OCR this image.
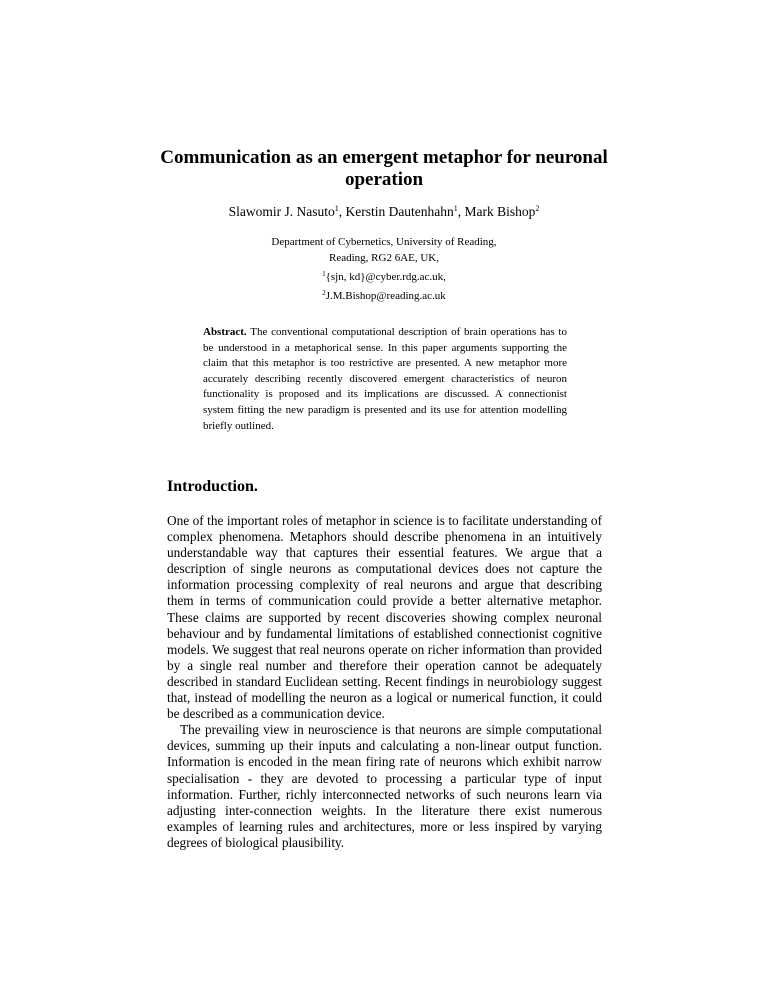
Communication as an emergent metaphor for neuronal operation
Slawomir J. Nasuto$^1$, Kerstin Dautenhahn$^1$, Mark Bishop$^2$
Department of Cybernetics, University of Reading,
Reading, RG2 6AE, UK,
$^1${sjn, kd}@cyber.rdg.ac.uk,
$^2$J.M.Bishop@reading.ac.uk
Abstract. The conventional computational description of brain operations has to be understood in a metaphorical sense. In this paper arguments supporting the claim that this metaphor is too restrictive are presented. A new metaphor more accurately describing recently discovered emergent characteristics of neuron functionality is proposed and its implications are discussed. A connectionist system fitting the new paradigm is presented and its use for attention modelling briefly outlined.
Introduction.

One of the important roles of metaphor in science is to facilitate understanding of complex phenomena. Metaphors should describe phenomena in an intuitively understandable way that captures their essential features. We argue that a description of single neurons as computational devices does not capture the information processing complexity of real neurons and argue that describing them in terms of communication could provide a better alternative metaphor. These claims are supported by recent discoveries showing complex neuronal behaviour and by fundamental limitations of established connectionist cognitive models. We suggest that real neurons operate on richer information than provided by a single real number and therefore their operation cannot be adequately described in standard Euclidean setting. Recent findings in neurobiology suggest that, instead of modelling the neuron as a logical or numerical function, it could be described as a communication device.

The prevailing view in neuroscience is that neurons are simple computational devices, summing up their inputs and calculating a non-linear output function. Information is encoded in the mean firing rate of neurons which exhibit narrow specialisation - they are devoted to processing a particular type of input information. Further, richly interconnected networks of such neurons learn via adjusting inter-connection weights. In the literature there exist numerous examples of learning rules and architectures, more or less inspired by varying degrees of biological plausibility.
